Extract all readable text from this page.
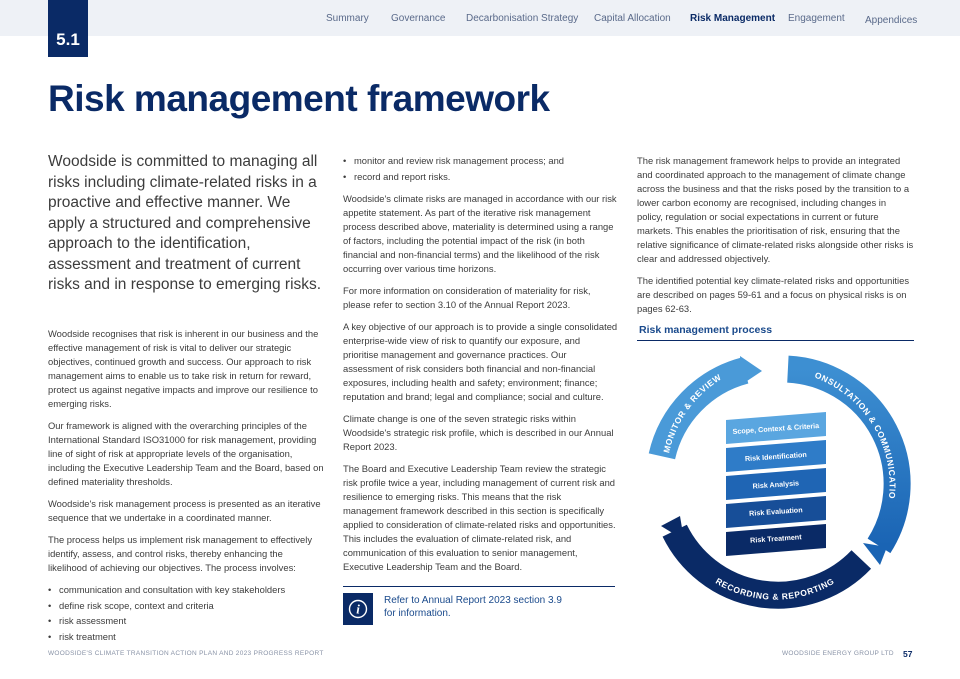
5.1
Summary Governance Decarbonisation Strategy Capital Allocation Risk Management Engagement Appendices
Risk management framework
Woodside is committed to managing all risks including climate-related risks in a proactive and effective manner. We apply a structured and comprehensive approach to the identification, assessment and treatment of current risks and in response to emerging risks.

Woodside recognises that risk is inherent in our business and the effective management of risk is vital to deliver our strategic objectives, continued growth and success. Our approach to risk management aims to enable us to take risk in return for reward, protect us against negative impacts and improve our resilience to emerging risks.

Our framework is aligned with the overarching principles of the International Standard ISO31000 for risk management, providing line of sight of risk at appropriate levels of the organisation, including the Executive Leadership Team and the Board, based on defined materiality thresholds.

Woodside's risk management process is presented as an iterative sequence that we undertake in a coordinated manner.

The process helps us implement risk management to effectively identify, assess, and control risks, thereby enhancing the likelihood of achieving our objectives. The process involves:

• communication and consultation with key stakeholders
• define risk scope, context and criteria
• risk assessment
• risk treatment
• monitor and review risk management process; and
• record and report risks.

Woodside's climate risks are managed in accordance with our risk appetite statement. As part of the iterative risk management process described above, materiality is determined using a range of factors, including the potential impact of the risk (in both financial and non-financial terms) and the likelihood of the risk occurring over various time horizons.

For more information on consideration of materiality for risk, please refer to section 3.10 of the Annual Report 2023.

A key objective of our approach is to provide a single consolidated enterprise-wide view of risk to quantify our exposure, and prioritise management and governance practices. Our assessment of risk considers both financial and non-financial exposures, including health and safety; environment; finance; reputation and brand; legal and compliance; social and culture.

Climate change is one of the seven strategic risks within Woodside's strategic risk profile, which is described in our Annual Report 2023.

The Board and Executive Leadership Team review the strategic risk profile twice a year, including management of current risk and resilience to emerging risks. This means that the risk management framework described in this section is specifically applied to consideration of climate-related risks and opportunities. This includes the evaluation of climate-related risk, and communication of this evaluation to senior management, Executive Leadership Team and the Board.

i
Refer to Annual Report 2023 section 3.9
for information.

The risk management framework helps to provide an integrated and coordinated approach to the management of climate change across the business and that the risks posed by the transition to a lower carbon economy are recognised, including changes in policy, regulation or social expectations in current or future markets. This enables the prioritisation of risk, ensuring that the relative significance of climate-related risks alongside other risks is clear and addressed objectively.

The identified potential key climate-related risks and opportunities are described on pages 59-61 and a focus on physical risks is on pages 62-63.

Risk management process
MONITOR & REVIEW	ONSULTATION & COMMUNICATIO
RECORDING & REPORTING
Scope, Context & Criteria
Risk Identification
Risk Analysis
Risk Evaluation
Risk Treatment
WOODSIDE'S CLIMATE TRANSITION ACTION PLAN AND 2023 PROGRESS REPORT	WOODSIDE ENERGY GROUP LTD 57
